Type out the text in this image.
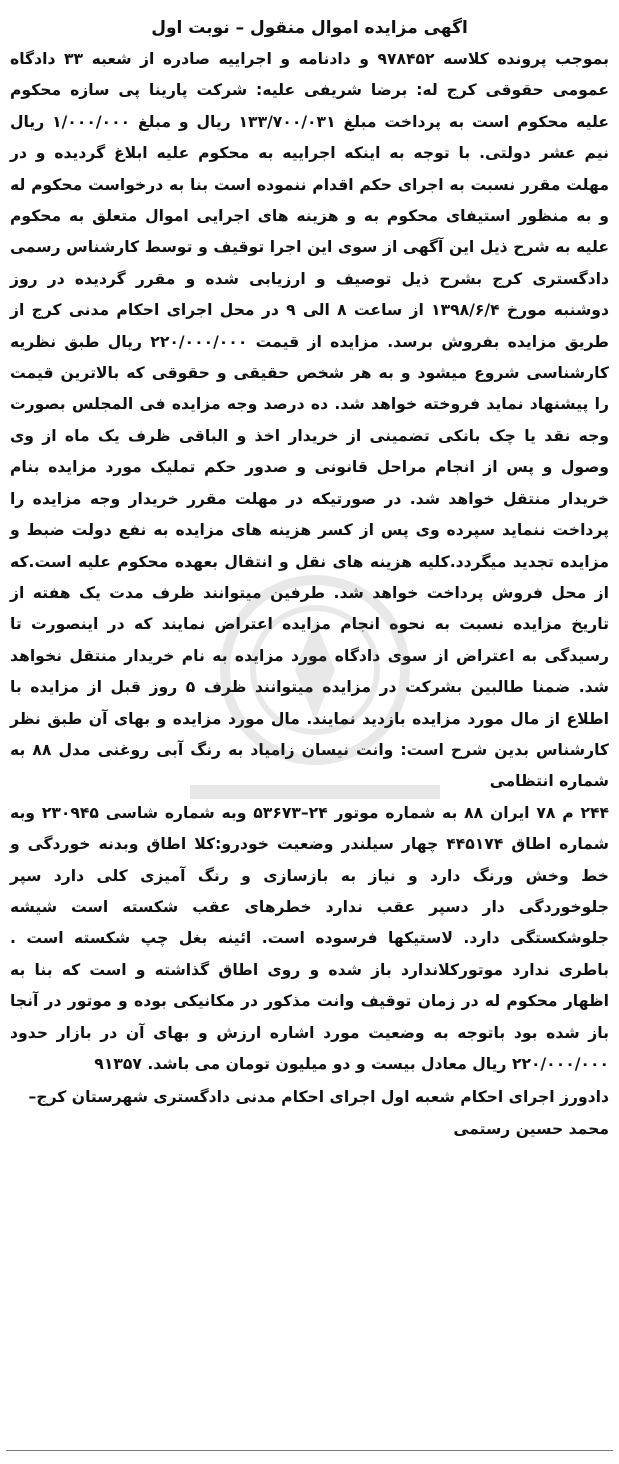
اگهی مزایده اموال منقول – نوبت اول

بموجب پرونده کلاسه ۹۷۸۴۵۲ و دادنامه و اجراییه صادره از شعبه ۳۳ دادگاه عمومی حقوقی کرج له: برضا شریفی علیه: شرکت پارینا پی سازه محکوم علیه محکوم است به پرداخت مبلغ ۱۳۳/۷۰۰/۰۳۱ ریال و مبلغ ۱/۰۰۰/۰۰۰ ریال نیم عشر دولتی. با توجه به اینکه اجراییه به محکوم علیه ابلاغ گردیده و در مهلت مقرر نسبت به اجرای حکم اقدام ننموده است بنا به درخواست محکوم له و به منظور استیفای محکوم به و هزینه های اجرایی اموال متعلق به محکوم علیه به شرح ذیل این آگهی از سوی این اجرا توقیف و توسط کارشناس رسمی دادگستری کرج بشرح ذیل توصیف و ارزیابی شده و مقرر گردیده در روز دوشنبه مورخ ۱۳۹۸/۶/۴ از ساعت ۸ الی ۹ در محل اجرای احکام مدنی کرج از طریق مزایده بفروش برسد. مزایده از قیمت ۲۲۰/۰۰۰/۰۰۰ ریال طبق نظریه کارشناسی شروع میشود و به هر شخص حقیقی و حقوقی که بالاترین قیمت را پیشنهاد نماید فروخته خواهد شد. ده درصد وجه مزایده فی المجلس بصورت وجه نقد یا چک بانکی تضمینی از خریدار اخذ و الباقی ظرف یک ماه از وی وصول و پس از انجام مراحل قانونی و صدور حکم تملیک مورد مزایده بنام خریدار منتقل خواهد شد. در صورتیکه در مهلت مقرر خریدار وجه مزایده را پرداخت ننماید سپرده وی پس از کسر هزینه های مزایده به نفع دولت ضبط و مزایده تجدید میگردد.کلیه هزینه های نقل و انتقال بعهده محکوم علیه است.که از محل فروش پرداخت خواهد شد. طرفین میتوانند ظرف مدت یک هفته از تاریخ مزایده نسبت به نحوه انجام مزایده اعتراض نمایند که در اینصورت تا رسیدگی به اعتراض از سوی دادگاه مورد مزایده به نام خریدار منتقل نخواهد شد. ضمنا طالبین بشرکت در مزایده میتوانند ظرف ۵ روز قبل از مزایده با اطلاع از مال مورد مزایده بازدید نمایند. مال مورد مزایده و بهای آن طبق نظر کارشناس بدین شرح است: وانت نیسان زامیاد به رنگ آبی روغنی مدل ۸۸ به شماره انتظامی

۲۴۴ م ۷۸ ایران ۸۸ به شماره موتور ۲۴–۵۳۶۷۳ وبه شماره شاسی ۲۳۰۹۴۵ وبه شماره اطاق ۴۴۵۱۷۴ چهار سیلندر وضعیت خودرو:کلا اطاق وبدنه خوردگی و خط وخش ورنگ دارد و نیاز به بازسازی و رنگ آمیزی کلی دارد سپر جلوخوردگی دار دسپر عقب ندارد خطرهای عقب شکسته است شیشه جلوشکستگی دارد. لاستیکها فرسوده است. ائینه بغل چپ شکسته است . باطری ندارد موتورکلاندارد باز شده و روی اطاق گذاشته و است که بنا به اظهار محکوم له در زمان توقیف وانت مذکور در مکانیکی بوده و موتور در آنجا باز شده بود باتوجه به وضعیت مورد اشاره ارزش و بهای آن در بازار حدود ۲۲۰/۰۰۰/۰۰۰ ریال معادل بیست و دو میلیون تومان می باشد. ۹۱۳۵۷

دادورز اجرای احکام شعبه اول اجرای احکام مدنی دادگستری شهرستان کرج– محمد حسین رستمی
